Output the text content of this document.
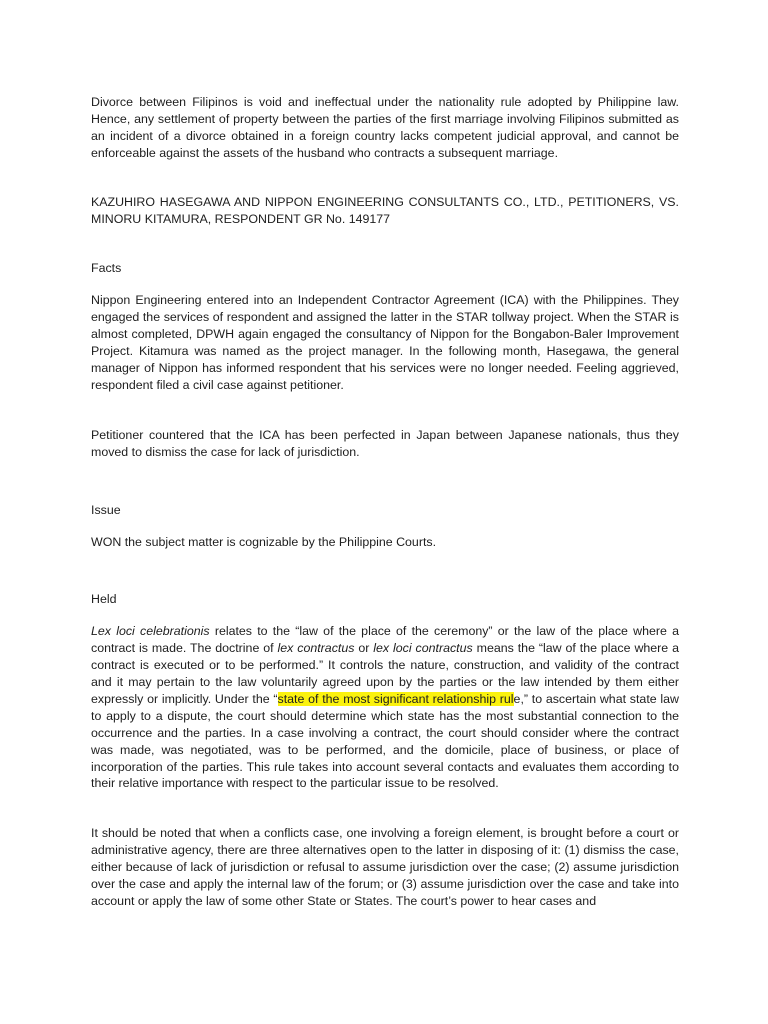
Divorce between Filipinos is void and ineffectual under the nationality rule adopted by Philippine law. Hence, any settlement of property between the parties of the first marriage involving Filipinos submitted as an incident of a divorce obtained in a foreign country lacks competent judicial approval, and cannot be enforceable against the assets of the husband who contracts a subsequent marriage.

KAZUHIRO HASEGAWA AND NIPPON ENGINEERING CONSULTANTS CO., LTD., PETITIONERS, VS. MINORU KITAMURA, RESPONDENT GR No. 149177

Facts

Nippon Engineering entered into an Independent Contractor Agreement (ICA) with the Philippines. They engaged the services of respondent and assigned the latter in the STAR tollway project. When the STAR is almost completed, DPWH again engaged the consultancy of Nippon for the Bongabon-Baler Improvement Project. Kitamura was named as the project manager. In the following month, Hasegawa, the general manager of Nippon has informed respondent that his services were no longer needed. Feeling aggrieved, respondent filed a civil case against petitioner.

Petitioner countered that the ICA has been perfected in Japan between Japanese nationals, thus they moved to dismiss the case for lack of jurisdiction.

Issue

WON the subject matter is cognizable by the Philippine Courts.

Held

Lex loci celebrationis relates to the “law of the place of the ceremony” or the law of the place where a contract is made. The doctrine of lex contractus or lex loci contractus means the “law of the place where a contract is executed or to be performed.” It controls the nature, construction, and validity of the contract and it may pertain to the law voluntarily agreed upon by the parties or the law intended by them either expressly or implicitly. Under the “state of the most significant relationship rule,” to ascertain what state law to apply to a dispute, the court should determine which state has the most substantial connection to the occurrence and the parties. In a case involving a contract, the court should consider where the contract was made, was negotiated, was to be performed, and the domicile, place of business, or place of incorporation of the parties. This rule takes into account several contacts and evaluates them according to their relative importance with respect to the particular issue to be resolved.

It should be noted that when a conflicts case, one involving a foreign element, is brought before a court or administrative agency, there are three alternatives open to the latter in disposing of it: (1) dismiss the case, either because of lack of jurisdiction or refusal to assume jurisdiction over the case; (2) assume jurisdiction over the case and apply the internal law of the forum; or (3) assume jurisdiction over the case and take into account or apply the law of some other State or States. The court’s power to hear cases and
